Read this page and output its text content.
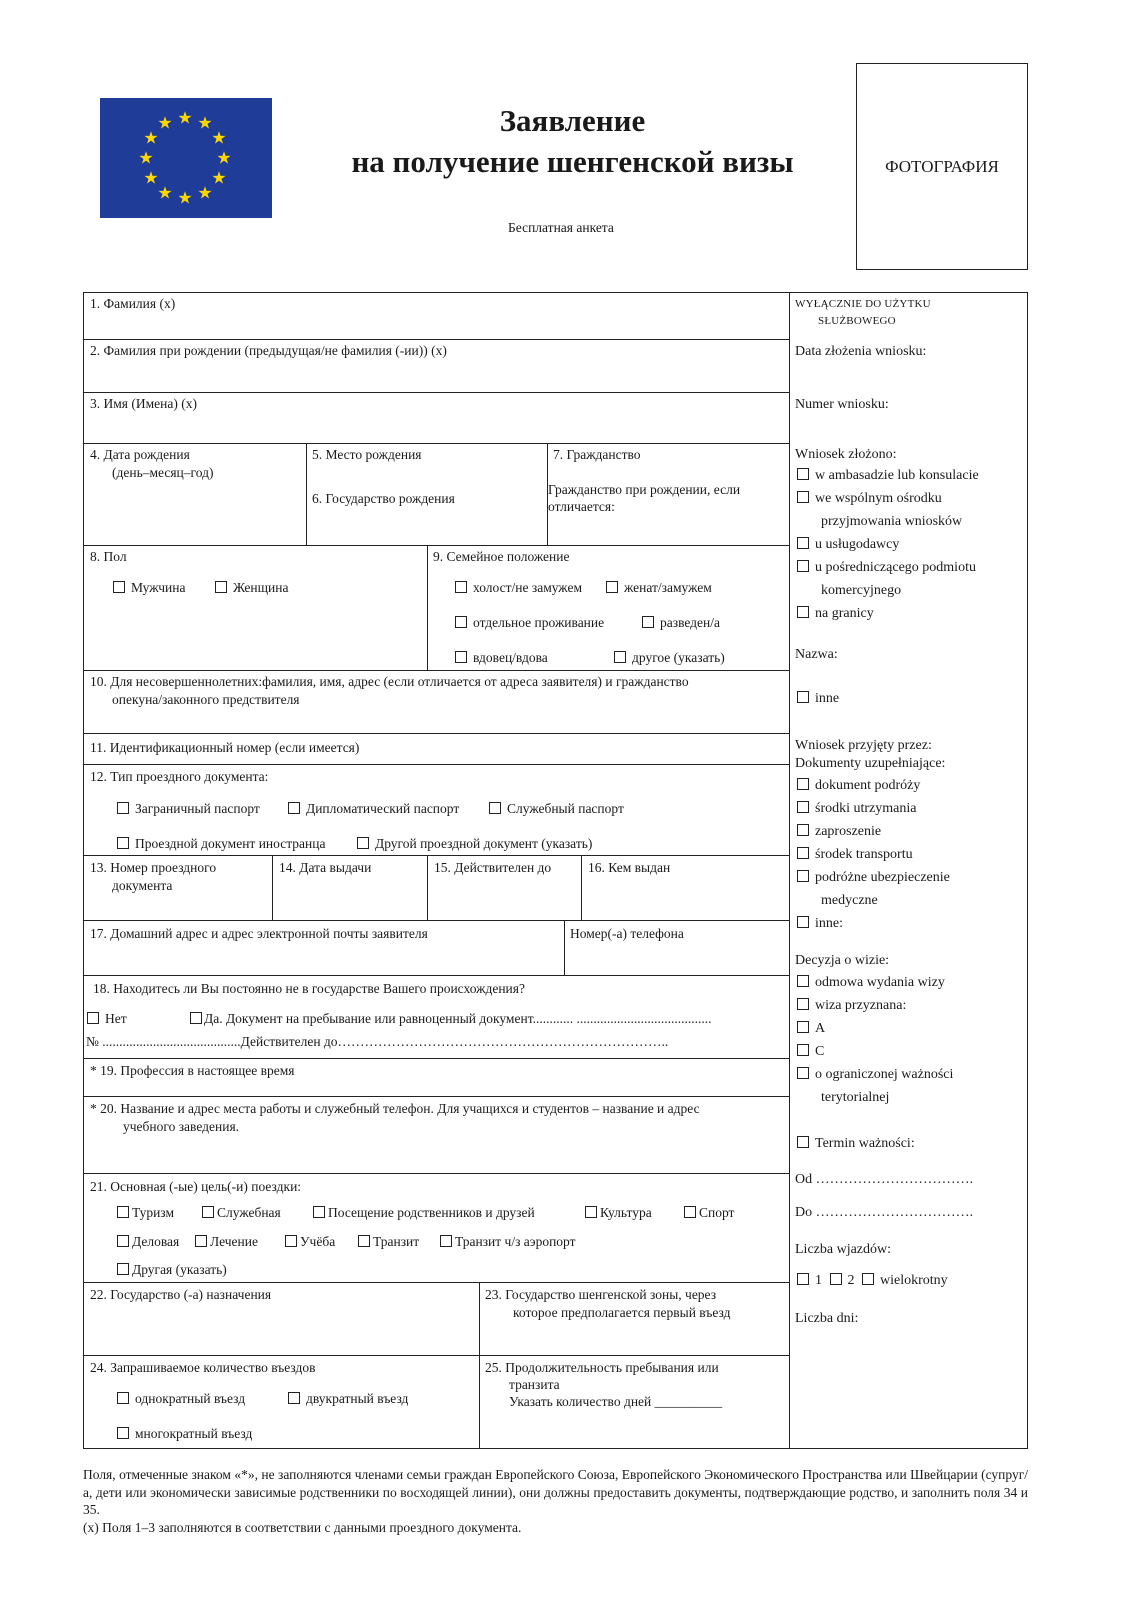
★ ★
★
★
★
★
★
★
★
★
★
★	Заявление
на получение шенгенской визы
Бесплатная анкета
ФОТОГРАФИЯ
1. Фамилия (x)
2. Фамилия при рождении (предыдущая/не фамилия (-ии)) (x)
3. Имя (Имена) (x)
4. Дата рождения
(день–месяц–год)
5. Место рождения
6. Государство рождения
7. Гражданство
Гражданство при рождении, если отличается:
8. Пол
Мужчина	Женщина
9. Семейное положение
холост/не замужем	женат/замужем
отдельное проживание	разведен/а
вдовец/вдова	другое (указать)
10. Для несовершеннолетних:фамилия, имя, адрес (если отличается от адреса заявителя) и гражданство
опекуна/законного предствителя
11. Идентификационный номер (если имеется)
12. Тип проездного документа:
Заграничный паспорт	Дипломатический паспорт	Служебный паспорт
Проездной документ иностранца	Другой проездной документ (указать)
13. Номер проездного
документа
14. Дата выдачи	15. Действителен до	16. Кем выдан
17. Домашний адрес и адрес электронной почты заявителя	Номер(-а) телефона
18. Находитесь ли Вы постоянно не в государстве Вашего происхождения?
Нет	Да. Документ на пребывание или равноценный документ............ ........................................
№ .........................................Действителен до………………………………………………………………..
* 19. Профессия в настоящее время
* 20. Название и адрес места работы и служебный телефон. Для учащихся и студентов – название и адрес
учебного заведения.
21. Основная (-ые) цель(-и) поездки:
Туризм	Служебная	Посещение родственников и друзей	Культура	Спорт
Деловая	Лечение	Учёба	Транзит	Транзит ч/з аэропорт
Другая (указать)
22. Государство (-а) назначения	23. Государство шенгенской зоны, через
которое предполагается первый въезд
24. Запрашиваемое количество въездов
однократный въезд	двукратный въезд
многократный въезд
25. Продолжительность пребывания или
транзита
Указать количество дней __________
WYŁĄCZNIE DO UŻYTKU
SŁUŻBOWEGO
Data złożenia wniosku:
Numer wniosku:
Wniosek złożono:
w ambasadzie lub konsulacie
we wspólnym ośrodku
przyjmowania wniosków
u usługodawcy
u pośredniczącego podmiotu
komercyjnego
na granicy
Nazwa:
inne
Wniosek przyjęty przez:
Dokumenty uzupełniające:
dokument podróży
środki utrzymania
zaproszenie
środek transportu
podróżne ubezpieczenie
medyczne
inne:
Decyzja o wizie:
odmowa wydania wizy
wiza przyznana:
A
C
o ograniczonej ważności
terytorialnej
Termin ważności:
Od …………………………….
Do …………………………….
Liczba wjazdów:
1 2 wielokrotny
Liczba dni:
Поля, отмеченные знаком «*», не заполняются членами семьи граждан Европейского Союза, Европейского Экономического Пространства или Швейцарии (супруг/а, дети или экономически зависимые родственники по восходящей линии), они должны предоставить документы, подтверждающие родство, и заполнить поля 34 и 35.
(x) Поля 1–3 заполняются в соответствии с данными проездного документа.
